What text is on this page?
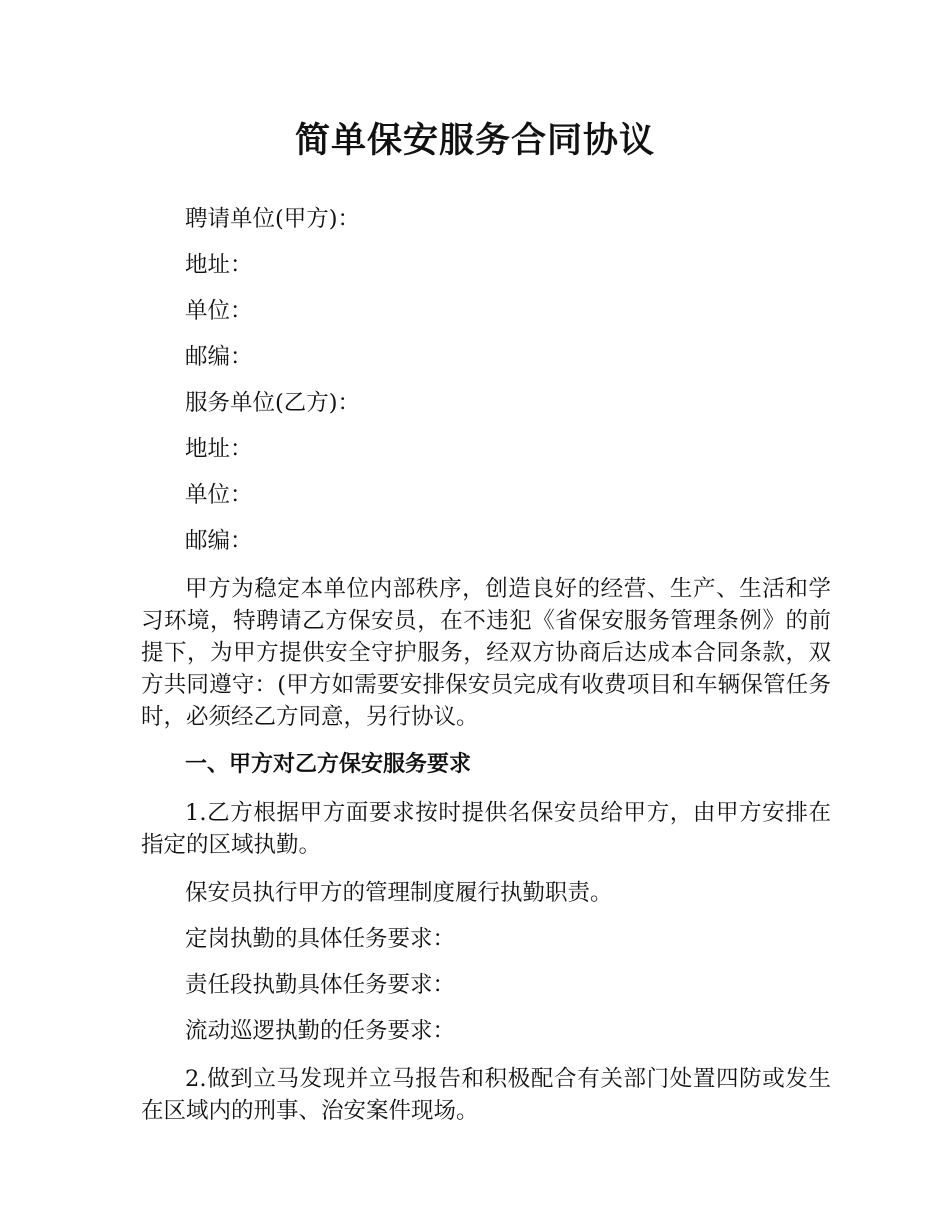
简单保安服务合同协议

聘请单位(甲方)：

地址：

单位：

邮编：

服务单位(乙方)：

地址：

单位：

邮编：

甲方为稳定本单位内部秩序，创造良好的经营、生产、生活和学习环境，特聘请乙方保安员，在不违犯《省保安服务管理条例》的前提下，为甲方提供安全守护服务，经双方协商后达成本合同条款，双方共同遵守：(甲方如需要安排保安员完成有收费项目和车辆保管任务时，必须经乙方同意，另行协议。

一、甲方对乙方保安服务要求

1.乙方根据甲方面要求按时提供名保安员给甲方，由甲方安排在指定的区域执勤。

保安员执行甲方的管理制度履行执勤职责。

定岗执勤的具体任务要求：

责任段执勤具体任务要求：

流动巡逻执勤的任务要求：

2.做到立马发现并立马报告和积极配合有关部门处置四防或发生在区域内的刑事、治安案件现场。
